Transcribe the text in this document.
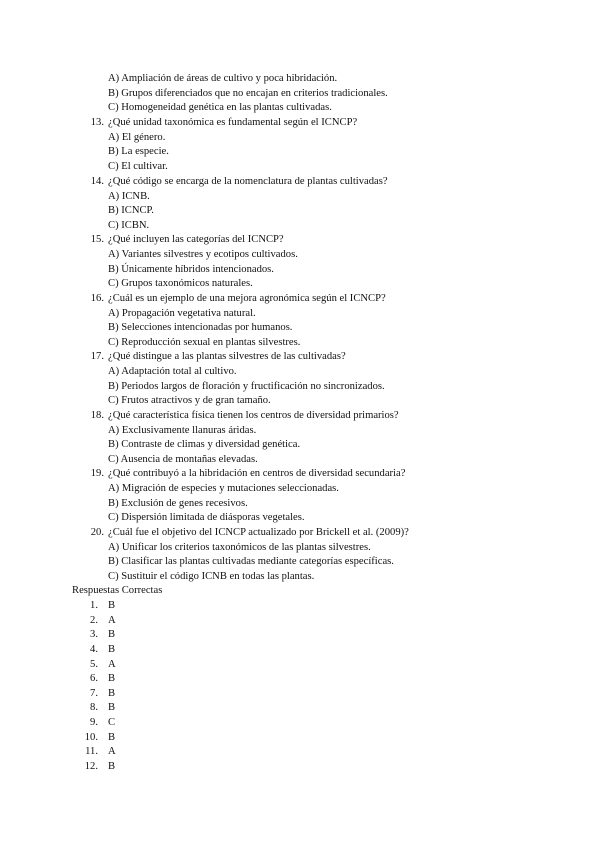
A) Ampliación de áreas de cultivo y poca hibridación.
B) Grupos diferenciados que no encajan en criterios tradicionales.
C) Homogeneidad genética en las plantas cultivadas.
13. ¿Qué unidad taxonómica es fundamental según el ICNCP?
A) El género.
B) La especie.
C) El cultivar.
14. ¿Qué código se encarga de la nomenclatura de plantas cultivadas?
A) ICNB.
B) ICNCP.
C) ICBN.
15. ¿Qué incluyen las categorías del ICNCP?
A) Variantes silvestres y ecotipos cultivados.
B) Únicamente híbridos intencionados.
C) Grupos taxonómicos naturales.
16. ¿Cuál es un ejemplo de una mejora agronómica según el ICNCP?
A) Propagación vegetativa natural.
B) Selecciones intencionadas por humanos.
C) Reproducción sexual en plantas silvestres.
17. ¿Qué distingue a las plantas silvestres de las cultivadas?
A) Adaptación total al cultivo.
B) Periodos largos de floración y fructificación no sincronizados.
C) Frutos atractivos y de gran tamaño.
18. ¿Qué característica física tienen los centros de diversidad primarios?
A) Exclusivamente llanuras áridas.
B) Contraste de climas y diversidad genética.
C) Ausencia de montañas elevadas.
19. ¿Qué contribuyó a la hibridación en centros de diversidad secundaria?
A) Migración de especies y mutaciones seleccionadas.
B) Exclusión de genes recesivos.
C) Dispersión limitada de diásporas vegetales.
20. ¿Cuál fue el objetivo del ICNCP actualizado por Brickell et al. (2009)?
A) Unificar los criterios taxonómicos de las plantas silvestres.
B) Clasificar las plantas cultivadas mediante categorías específicas.
C) Sustituir el código ICNB en todas las plantas.
Respuestas Correctas
1. B
2. A
3. B
4. B
5. A
6. B
7. B
8. B
9. C
10. B
11. A
12. B
